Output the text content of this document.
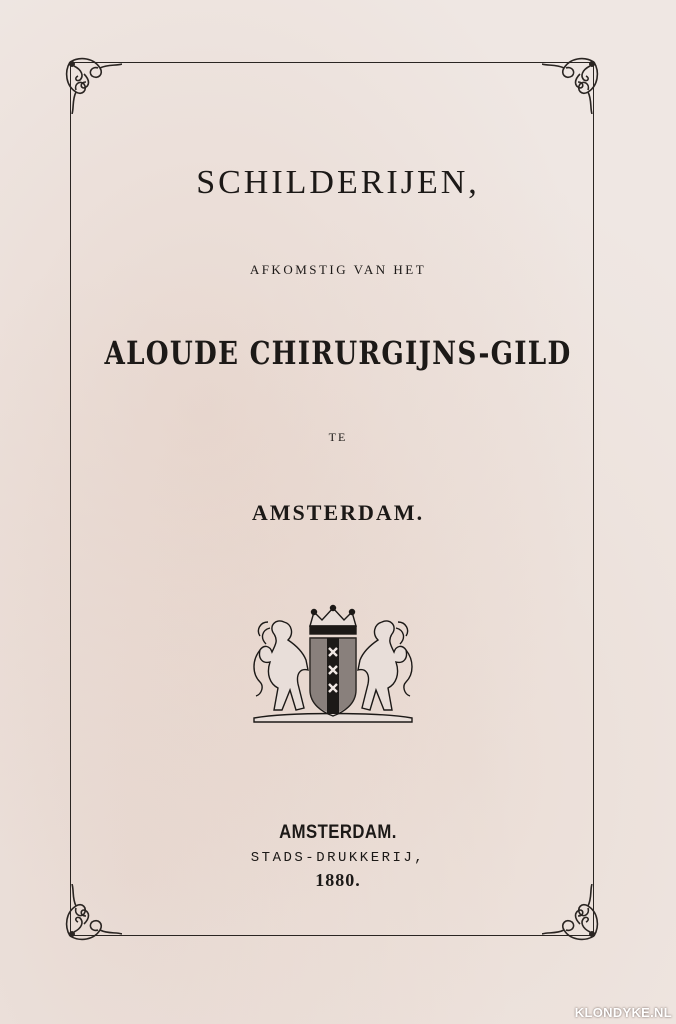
SCHILDERIJEN,
AFKOMSTIG VAN HET
ALOUDE CHIRURGIJNS-GILD
TE
AMSTERDAM.
AMSTERDAM.
STADS-DRUKKERIJ,
1880.
KLONDYKE.NL
